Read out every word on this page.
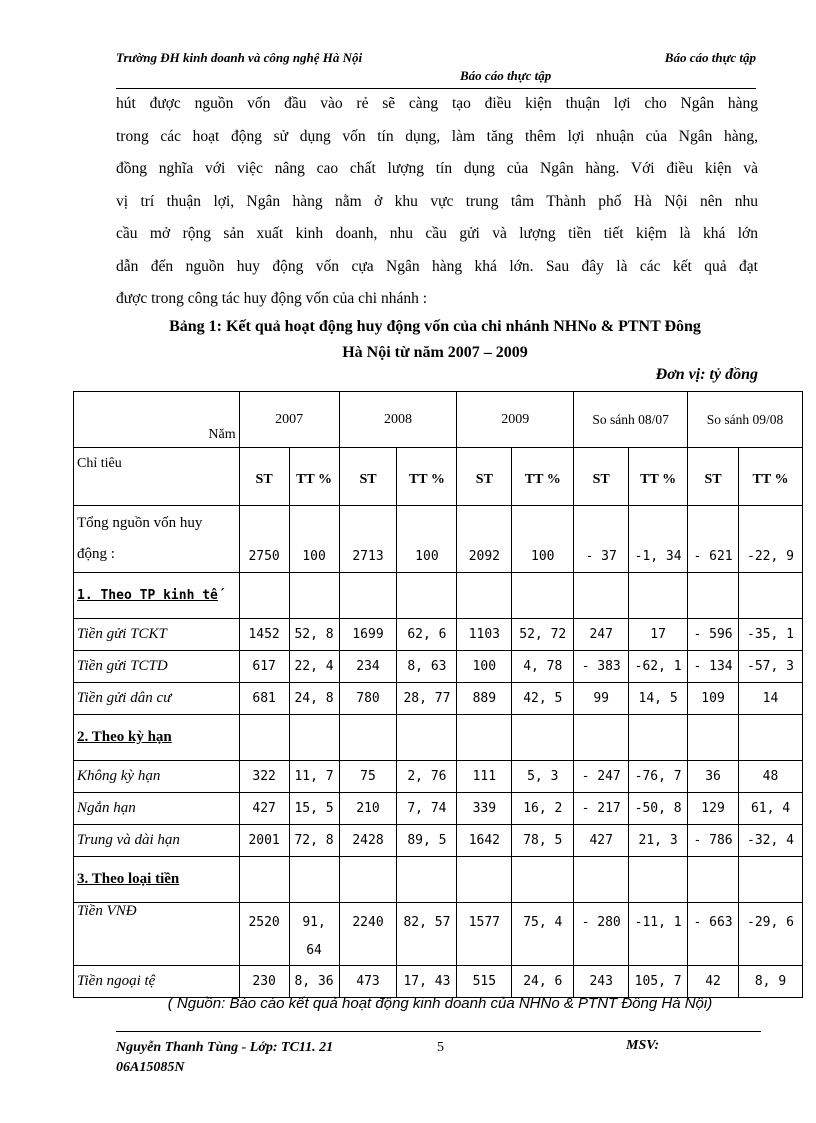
Trường ĐH kinh doanh và công nghệ Hà Nội	Báo cáo thực tập
Báo cáo thực tập
hút được nguồn vốn đầu vào rẻ sẽ càng tạo điều kiện thuận lợi cho Ngân hàng
trong các hoạt động sử dụng vốn tín dụng, làm tăng thêm lợi nhuận của Ngân hàng,
đồng nghĩa với việc nâng cao chất lượng tín dụng của Ngân hàng. Với điều kiện và
vị trí thuận lợi, Ngân hàng nằm ở khu vực trung tâm Thành phố Hà Nội nên nhu
cầu mở rộng sản xuất kinh doanh, nhu cầu gửi và lượng tiền tiết kiệm là khá lớn
dẫn đến nguồn huy động vốn cựa Ngân hàng khá lớn. Sau đây là các kết quả đạt
được trong công tác huy động vốn của chi nhánh :
Bảng 1: Kết quả hoạt động huy động vốn của chi nhánh NHNo & PTNT Đông
Hà Nội từ năm 2007 – 2009
Đơn vị: tỷ đồng
Năm	2007		2008		2009		So sánh 08/07		So sánh 09/08	
Chỉ tiêu	ST	TT %	ST	TT %	ST	TT %	ST	TT %	ST	TT %
Tổng nguồn vốn huy động :	2750	100	2713	100	2092	100	- 37	-1, 34	- 621	-22, 9
1. Theo TP kinh tế										
Tiền gửi TCKT	1452	52, 8	1699	62, 6	1103	52, 72	247	17	- 596	-35, 1
Tiền gửi TCTD	617	22, 4	234	8, 63	100	4, 78	- 383	-62, 1	- 134	-57, 3
Tiền gửi dân cư	681	24, 8	780	28, 77	889	42, 5	99	14, 5	109	14
2. Theo kỳ hạn										
Không kỳ hạn	322	11, 7	75	2, 76	111	5, 3	- 247	-76, 7	36	48
Ngắn hạn	427	15, 5	210	7, 74	339	16, 2	- 217	-50, 8	129	61, 4
Trung và dài hạn	2001	72, 8	2428	89, 5	1642	78, 5	427	21, 3	- 786	-32, 4
3. Theo loại tiền										
Tiền VNĐ	2520	91, 64	2240	82, 57	1577	75, 4	- 280	-11, 1	- 663	-29, 6
Tiền ngoại tệ	230	8, 36	473	17, 43	515	24, 6	243	105, 7	42	8, 9
( Nguồn: Báo cáo kết quả hoạt động kinh doanh của NHNo & PTNT Đông Hà Nội)
Nguyễn Thanh Tùng - Lớp: TC11. 21
06A15085N
5	MSV:
